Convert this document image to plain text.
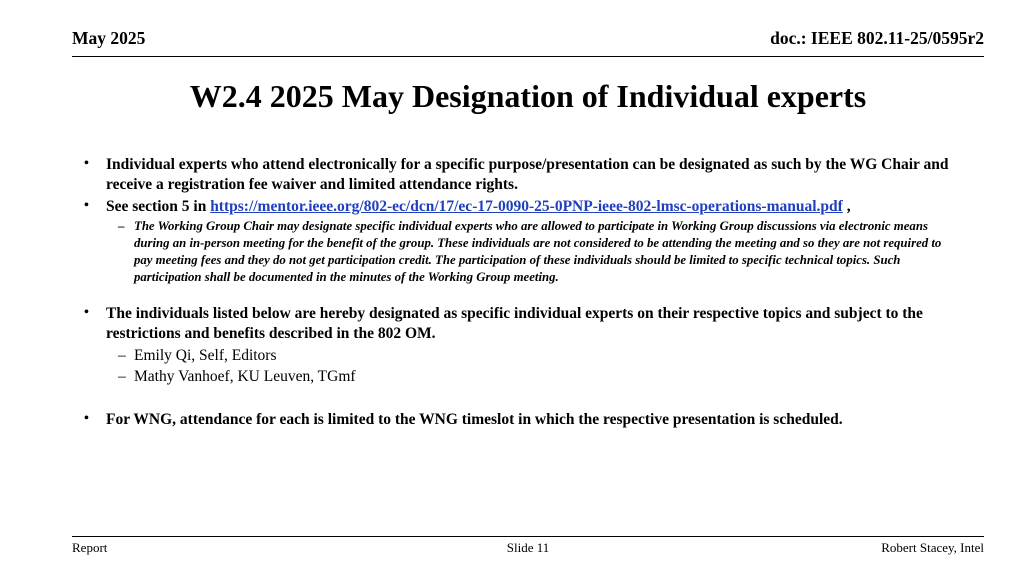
May 2025	doc.: IEEE 802.11-25/0595r2
W2.4 2025 May Designation of Individual experts
•	Individual experts who attend electronically for a specific purpose/presentation can be designated as such by the WG Chair and receive a registration fee waiver and limited attendance rights.
•	See section 5 in https://mentor.ieee.org/802-ec/dcn/17/ec-17-0090-25-0PNP-ieee-802-lmsc-operations-manual.pdf ,
– The Working Group Chair may designate specific individual experts who are allowed to participate in Working Group discussions via electronic means during an in-person meeting for the benefit of the group. These individuals are not considered to be attending the meeting and so they are not required to pay meeting fees and they do not get participation credit. The participation of these individuals should be limited to specific technical topics. Such participation shall be documented in the minutes of the Working Group meeting.
•	The individuals listed below are hereby designated as specific individual experts on their respective topics and subject to the restrictions and benefits described in the 802 OM.
– Emily Qi, Self, Editors
– Mathy Vanhoef, KU Leuven, TGmf
•	For WNG, attendance for each is limited to the WNG timeslot in which the respective presentation is scheduled.
Report	Slide 11	Robert Stacey, Intel
